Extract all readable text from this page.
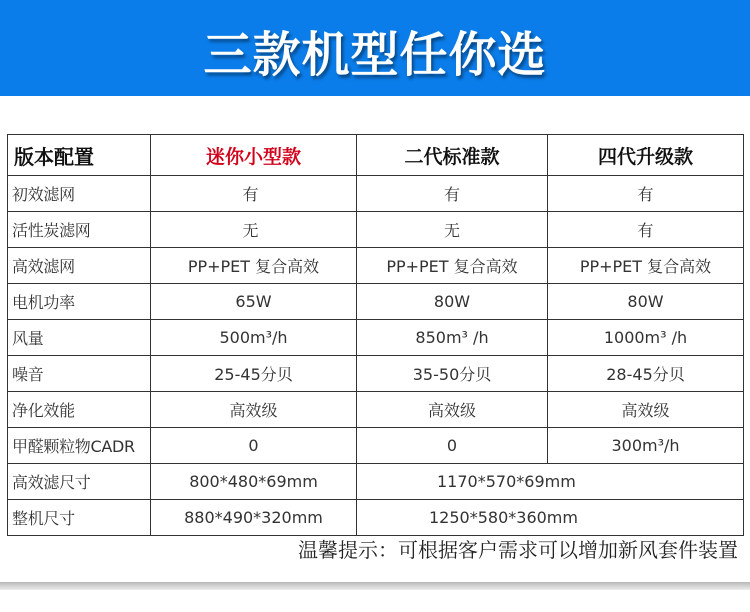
三款机型任你选
版本配置	迷你小型款	二代标准款	四代升级款
初效滤网	有	有	有
活性炭滤网	无	无	有
高效滤网	PP+PET 复合高效	PP+PET 复合高效	PP+PET 复合高效
电机功率	65W	80W	80W
风量	500m³/h	850m³ /h	1000m³ /h
噪音	25-45分贝	35-50分贝	28-45分贝
净化效能	高效级	高效级	高效级
甲醛颗粒物CADR	0	0	300m³/h
高效滤尺寸	800*480*69mm	1170*570*69mm	
整机尺寸	880*490*320mm	1250*580*360mm	
温馨提示：可根据客户需求可以增加新风套件装置
